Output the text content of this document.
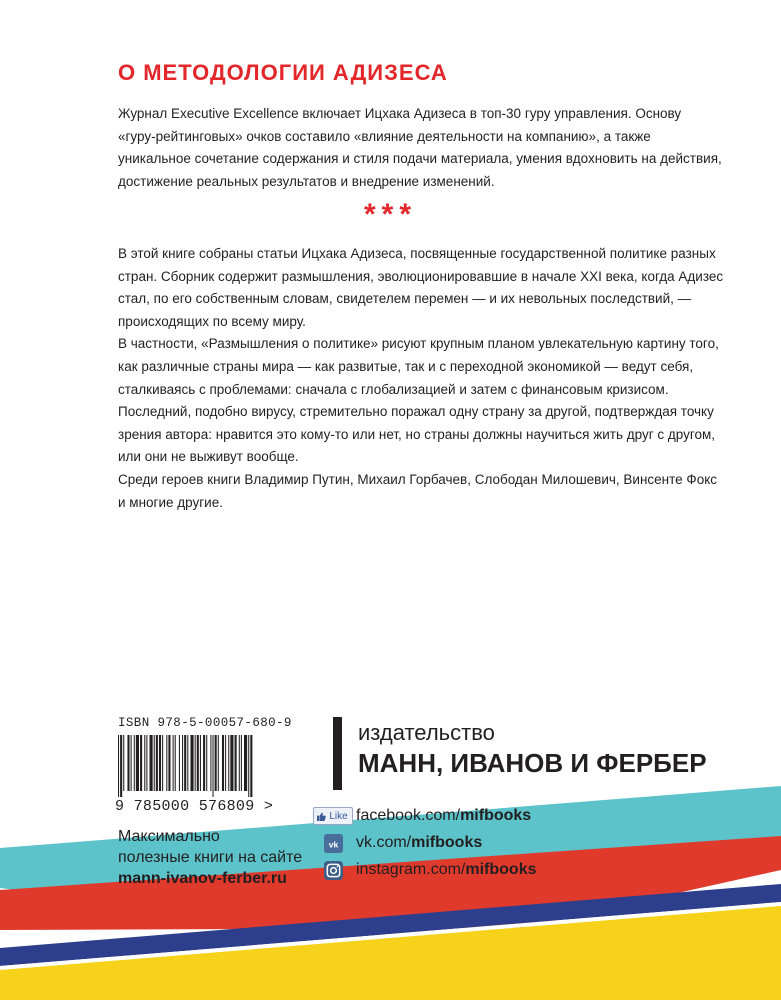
О МЕТОДОЛОГИИ АДИЗЕСА
Журнал Executive Excellence включает Ицхака Адизеса в топ-30 гуру управления. Основу
«гуру-рейтинговых» очков составило «влияние деятельности на компанию», а также
уникальное сочетание содержания и стиля подачи материала, умения вдохновить на действия,
достижение реальных результатов и внедрение изменений.
***
В этой книге собраны статьи Ицхака Адизеса, посвященные государственной политике разных
стран. Сборник содержит размышления, эволюционировавшие в начале XXI века, когда Адизес
стал, по его собственным словам, свидетелем перемен — и их невольных последствий, —
происходящих по всему миру.
В частности, «Размышления о политике» рисуют крупным планом увлекательную картину того,
как различные страны мира — как развитые, так и с переходной экономикой — ведут себя,
сталкиваясь с проблемами: сначала с глобализацией и затем с финансовым кризисом.
Последний, подобно вирусу, стремительно поражал одну страну за другой, подтверждая точку
зрения автора: нравится это кому-то или нет, но страны должны научиться жить друг с другом,
или они не выживут вообще.
Среди героев книги Владимир Путин, Михаил Горбачев, Слободан Милошевич, Винсенте Фокс
и многие другие.
ISBN 978-5-00057-680-9
9 785000 576809 >
Максимально
полезные книги на сайте
mann-ivanov-ferber.ru
издательство
МАНН, ИВАНОВ И ФЕРБЕР
Like facebook.com/mifbooks
vk vk.com/mifbooks
instagram.com/mifbooks
